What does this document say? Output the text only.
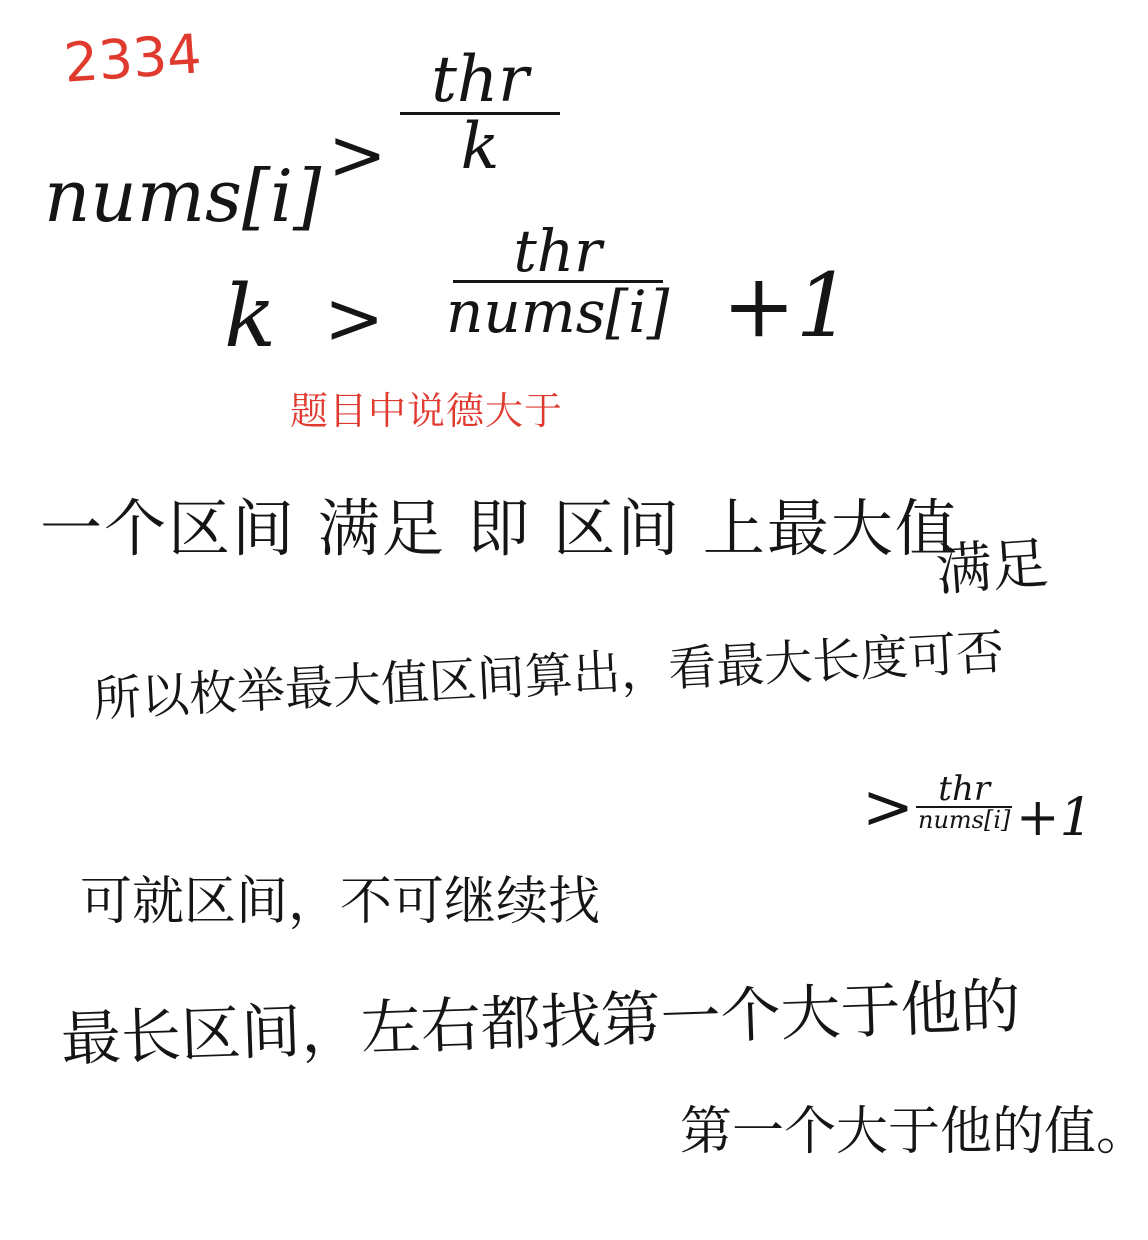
2334
nums[i] >
thr
k
k >
thr
nums[i] +1
题目中说德大于
一个区间 满足 即 区间 上最大值
满足
所以枚举最大值区间算出，看最大长度可否
> thr
nums[i] +1
可就区间，不可继续找
最长区间，左右都找第一个大于他的
第一个大于他的值。
